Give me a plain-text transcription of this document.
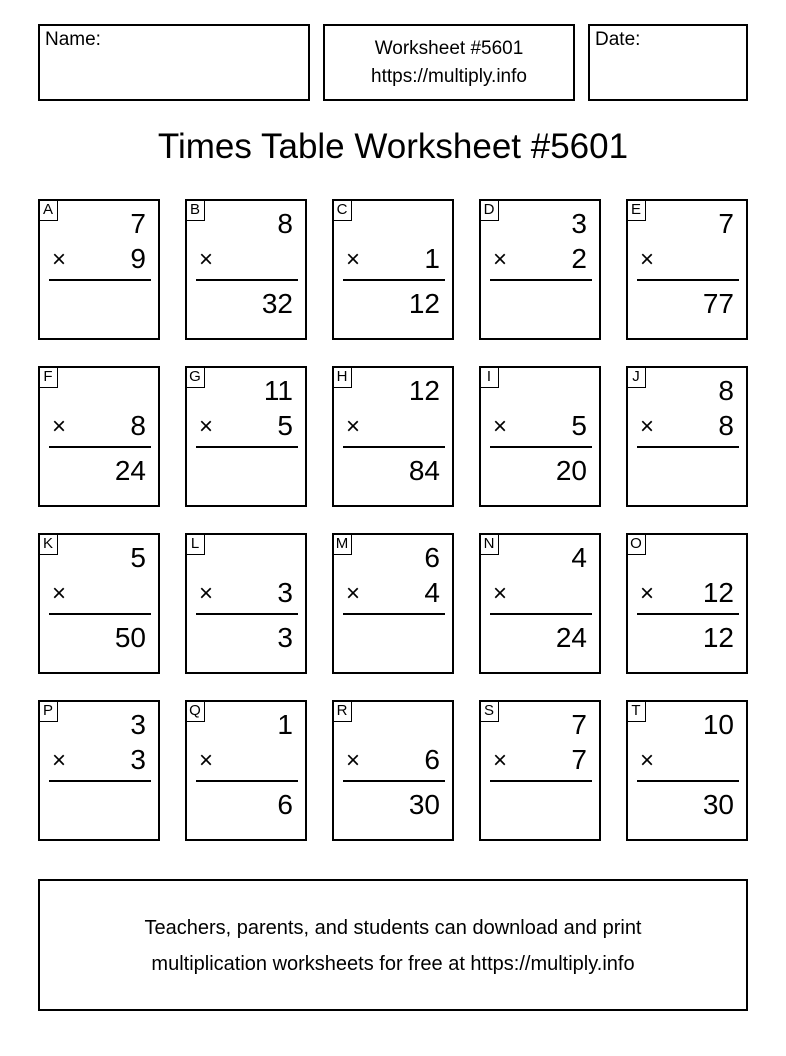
Name:	Worksheet #5601
https://multiply.info
Date:
Times Table Worksheet #5601
A	7
× 9
B	8
×
32
C
× 1
12
D	3
× 2
E	7
×
77
F
× 8
24
G 11
× 5
H 12
×
84
I
× 5
20
J	8
× 8
K	5
×
50
L
× 3
3
M	6
× 4
N	4
×
24
O
× 12
12
P	3
× 3
Q	1
×
6
R
× 6
30
S	7
× 7
T 10
×
30
Teachers, parents, and students can download and print
multiplication worksheets for free at https://multiply.info
